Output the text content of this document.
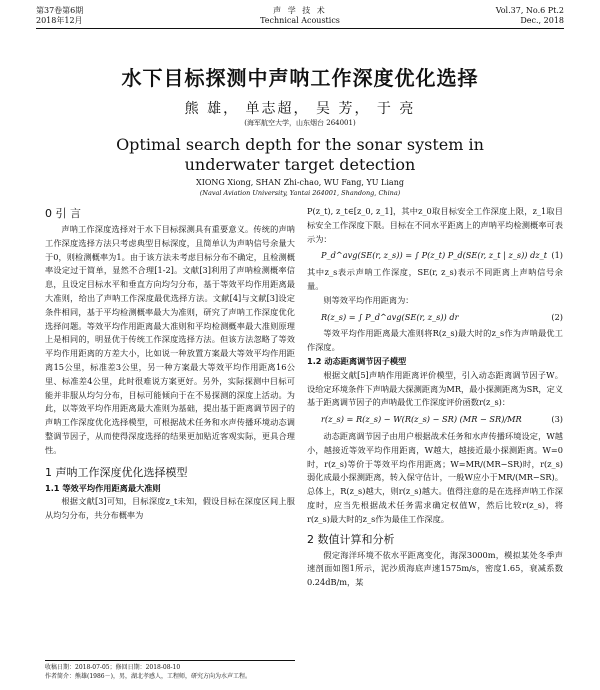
第37卷第6期
2018年12月
声 学 技 术
Technical Acoustics
Vol.37, No.6 Pt.2
Dec., 2018
水下目标探测中声呐工作深度优化选择
熊 雄， 单志超， 吴 芳， 于 亮
(海军航空大学，山东烟台 264001)
Optimal search depth for the sonar system in underwater target detection
XIONG Xiong, SHAN Zhi-chao, WU Fang, YU Liang
(Naval Aviation University, Yantai 264001, Shandong, China)
0 引 言

声呐工作深度选择对于水下目标探测具有重要意义。传统的声呐工作深度选择方法只考虑典型目标深度，且简单认为声呐信号余量大于0，则检测概率为1。由于该方法未考虑目标分布不确定，且检测概率设定过于简单，显然不合理[1-2]。文献[3]利用了声呐检测概率信息，且设定目标水平和垂直方向均匀分布，基于等效平均作用距离最大准则，给出了声呐工作深度最优选择方法。文献[4]与文献[3]设定条件相同，基于平均检测概率最大为准则，研究了声呐工作深度优化选择问题。等效平均作用距离最大准则和平均检测概率最大准则原理上是相同的，明显优于传统工作深度选择方法。但该方法忽略了等效平均作用距离的方差大小，比如说一种放置方案最大等效平均作用距离15公里，标准差3公里，另一种方案最大等效平均作用距离16公里、标准差4公里，此时很难说方案更好。另外，实际探测中目标可能并非服从均匀分布，目标可能倾向于在不易探测的深度上活动。为此，以等效平均作用距离最大准则为基础，提出基于距离调节因子的声呐工作深度优化选择模型，可根据战术任务和水声传播环境动态调整调节因子，从而使得深度选择的结果更加贴近客观实际，更具合理性。

1 声呐工作深度优化选择模型
1.1 等效平均作用距离最大准则

根据文献[3]可知，目标深度z_t未知，假设目标在深度区间上服从均匀分布，共分布概率为

P(z_t), z_t∈[z_0, z_1]，其中z_0取目标安全工作深度上限，z_1取目标安全工作深度下限。目标在不同水平距离上的声呐平均检测概率可表示为：

P_d^avg(SE(r, z_s)) = ∫ P(z_t) P_d(SE(r, z_t | z_s)) dz_t (1)

其中z_s表示声呐工作深度，SE(r, z_s)表示不同距离上声呐信号余量。

则等效平均作用距离为：

R(z_s) = ∫ P_d^avg(SE(r, z_s)) dr	(2)

等效平均作用距离最大准则将R(z_s)最大时的z_s作为声呐最优工作深度。

1.2 动态距离调节因子模型

根据文献[5]声呐作用距离评价模型，引入动态距离调节因子W。设给定环境条件下声呐最大探测距离为MR，最小探测距离为SR，定义基于距离调节因子的声呐最优工作深度评价函数r(z_s)：

r(z_s) = R(z_s) − W(R(z_s) − SR) (MR − SR)/MR	(3)

动态距离调节因子由用户根据战术任务和水声传播环境设定，W越小，越接近等效平均作用距离，W越大，越接近最小探测距离。W=0时，r(z_s)等价于等效平均作用距离；W=MR/(MR−SR)时，r(z_s)弱化成最小探测距离，转入保守估计，一般W应小于MR/(MR−SR)。总体上，R(z_s)越大，则r(z_s)越大。值得注意的是在选择声呐工作深度时，应当先根据战术任务需求确定权值W，然后比较r(z_s)，将r(z_s)最大时的z_s作为最佳工作深度。

2 数值计算和分析

假定海洋环境不依水平距离变化，海深3000m，模拟某处冬季声速剖面如图1所示，泥沙质海底声速1575m/s，密度1.65，衰减系数0.24dB/m，某

收稿日期：2018-07-05；修回日期：2018-08-10
作者简介：熊雄(1986－)，男，湖北孝感人，工程师，研究方向为水声工程。
